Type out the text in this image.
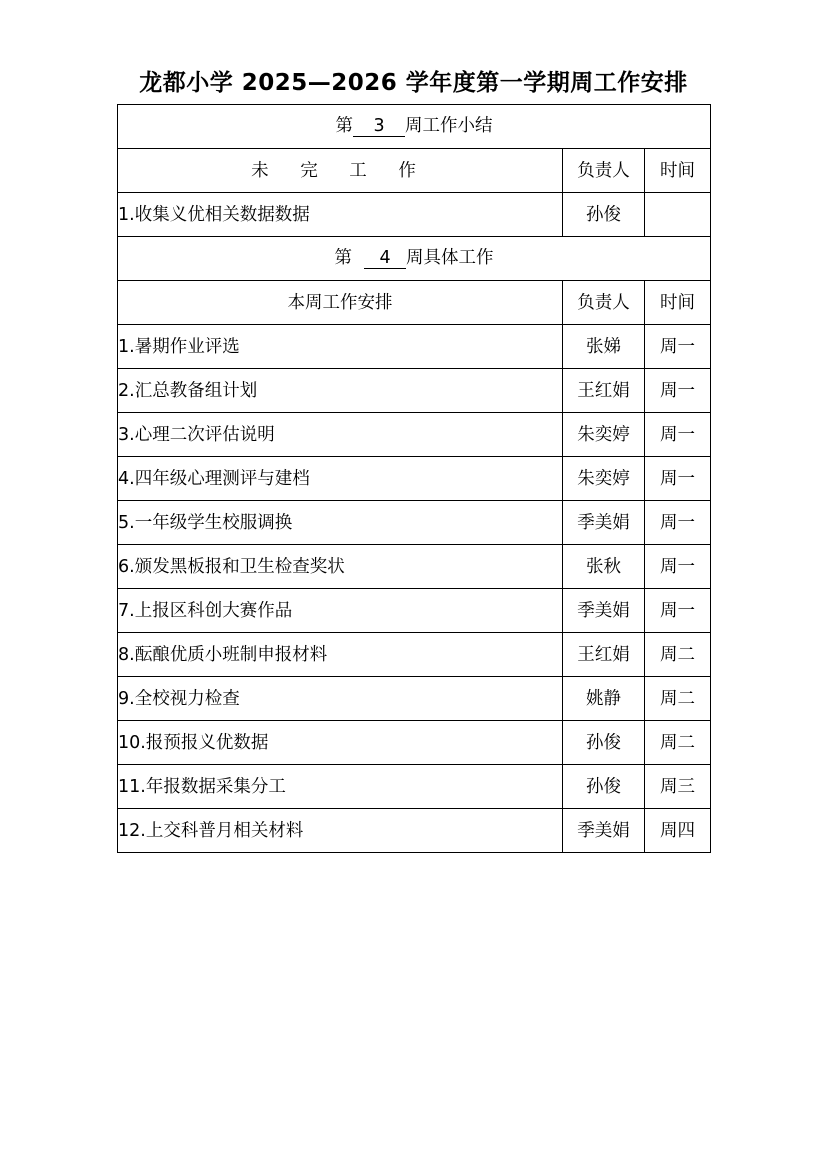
龙都小学 2025—2026 学年度第一学期周工作安排
第 3 周工作小结		
未 完 工 作	负责人	时间
1.收集义优相关数据数据	孙俊	
第 4 周具体工作		
本周工作安排	负责人	时间
1.暑期作业评选	张娣	周一
2.汇总教备组计划	王红娟	周一
3.心理二次评估说明	朱奕婷	周一
4.四年级心理测评与建档	朱奕婷	周一
5.一年级学生校服调换	季美娟	周一
6.颁发黑板报和卫生检查奖状	张秋	周一
7.上报区科创大赛作品	季美娟	周一
8.酝酿优质小班制申报材料	王红娟	周二
9.全校视力检查	姚静	周二
10.报预报义优数据	孙俊	周二
11.年报数据采集分工	孙俊	周三
12.上交科普月相关材料	季美娟	周四
